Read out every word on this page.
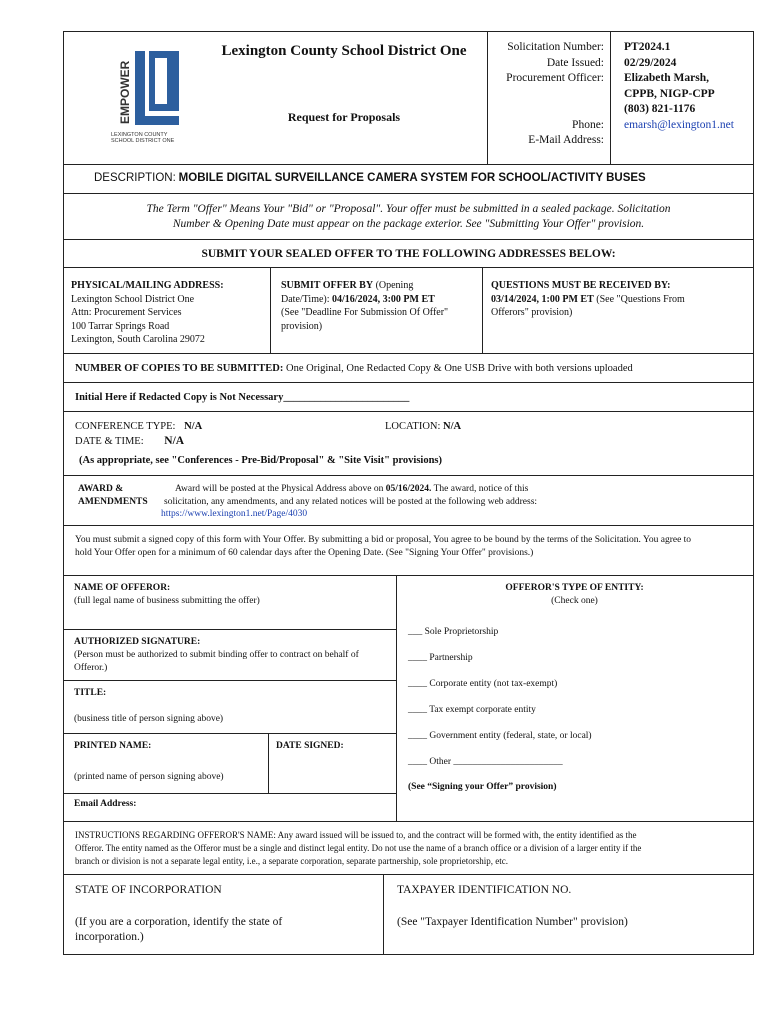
EMPOWER
LEXINGTON COUNTY
SCHOOL DISTRICT ONE
Lexington County School District One
Request for Proposals
Solicitation Number:
Date Issued:
Procurement Officer:
Phone:
E-Mail Address:
PT2024.1
02/29/2024
Elizabeth Marsh,
CPPB, NIGP-CPP
(803) 821-1176
emarsh@lexington1.net
DESCRIPTION: MOBILE DIGITAL SURVEILLANCE CAMERA SYSTEM FOR SCHOOL/ACTIVITY BUSES
The Term "Offer" Means Your "Bid" or "Proposal". Your offer must be submitted in a sealed package. Solicitation
Number & Opening Date must appear on the package exterior. See "Submitting Your Offer" provision.
SUBMIT YOUR SEALED OFFER TO THE FOLLOWING ADDRESSES BELOW:
PHYSICAL/MAILING ADDRESS:
Lexington School District One
Attn: Procurement Services
100 Tarrar Springs Road
Lexington, South Carolina 29072
SUBMIT OFFER BY (Opening
Date/Time): 04/16/2024, 3:00 PM ET
(See "Deadline For Submission Of Offer"
provision)
QUESTIONS MUST BE RECEIVED BY:
03/14/2024, 1:00 PM ET (See "Questions From
Offerors" provision)
NUMBER OF COPIES TO BE SUBMITTED: One Original, One Redacted Copy & One USB Drive with both versions uploaded
Initial Here if Redacted Copy is Not Necessary________________________
CONFERENCE TYPE: N/A	LOCATION: N/A
DATE & TIME: N/A
(As appropriate, see "Conferences - Pre-Bid/Proposal" & "Site Visit" provisions)
AWARD &
AMENDMENTS
Award will be posted at the Physical Address above on 05/16/2024. The award, notice of this
solicitation, any amendments, and any related notices will be posted at the following web address:
https://www.lexington1.net/Page/4030
You must submit a signed copy of this form with Your Offer. By submitting a bid or proposal, You agree to be bound by the terms of the Solicitation. You agree to
hold Your Offer open for a minimum of 60 calendar days after the Opening Date. (See "Signing Your Offer" provisions.)
NAME OF OFFEROR:
(full legal name of business submitting the offer)
AUTHORIZED SIGNATURE:
(Person must be authorized to submit binding offer to contract on behalf of
Offeror.)
TITLE:
(business title of person signing above)
PRINTED NAME:
(printed name of person signing above)
DATE SIGNED:
Email Address:
OFFEROR'S TYPE OF ENTITY:
(Check one)
___ Sole Proprietorship
____ Partnership
____ Corporate entity (not tax-exempt)
____ Tax exempt corporate entity
____ Government entity (federal, state, or local)
____ Other _______________________
(See “Signing your Offer” provision)
INSTRUCTIONS REGARDING OFFEROR'S NAME: Any award issued will be issued to, and the contract will be formed with, the entity identified as the
Offeror. The entity named as the Offeror must be a single and distinct legal entity. Do not use the name of a branch office or a division of a larger entity if the
branch or division is not a separate legal entity, i.e., a separate corporation, separate partnership, sole proprietorship, etc.
STATE OF INCORPORATION
(If you are a corporation, identify the state of
incorporation.)
TAXPAYER IDENTIFICATION NO.
(See "Taxpayer Identification Number" provision)
